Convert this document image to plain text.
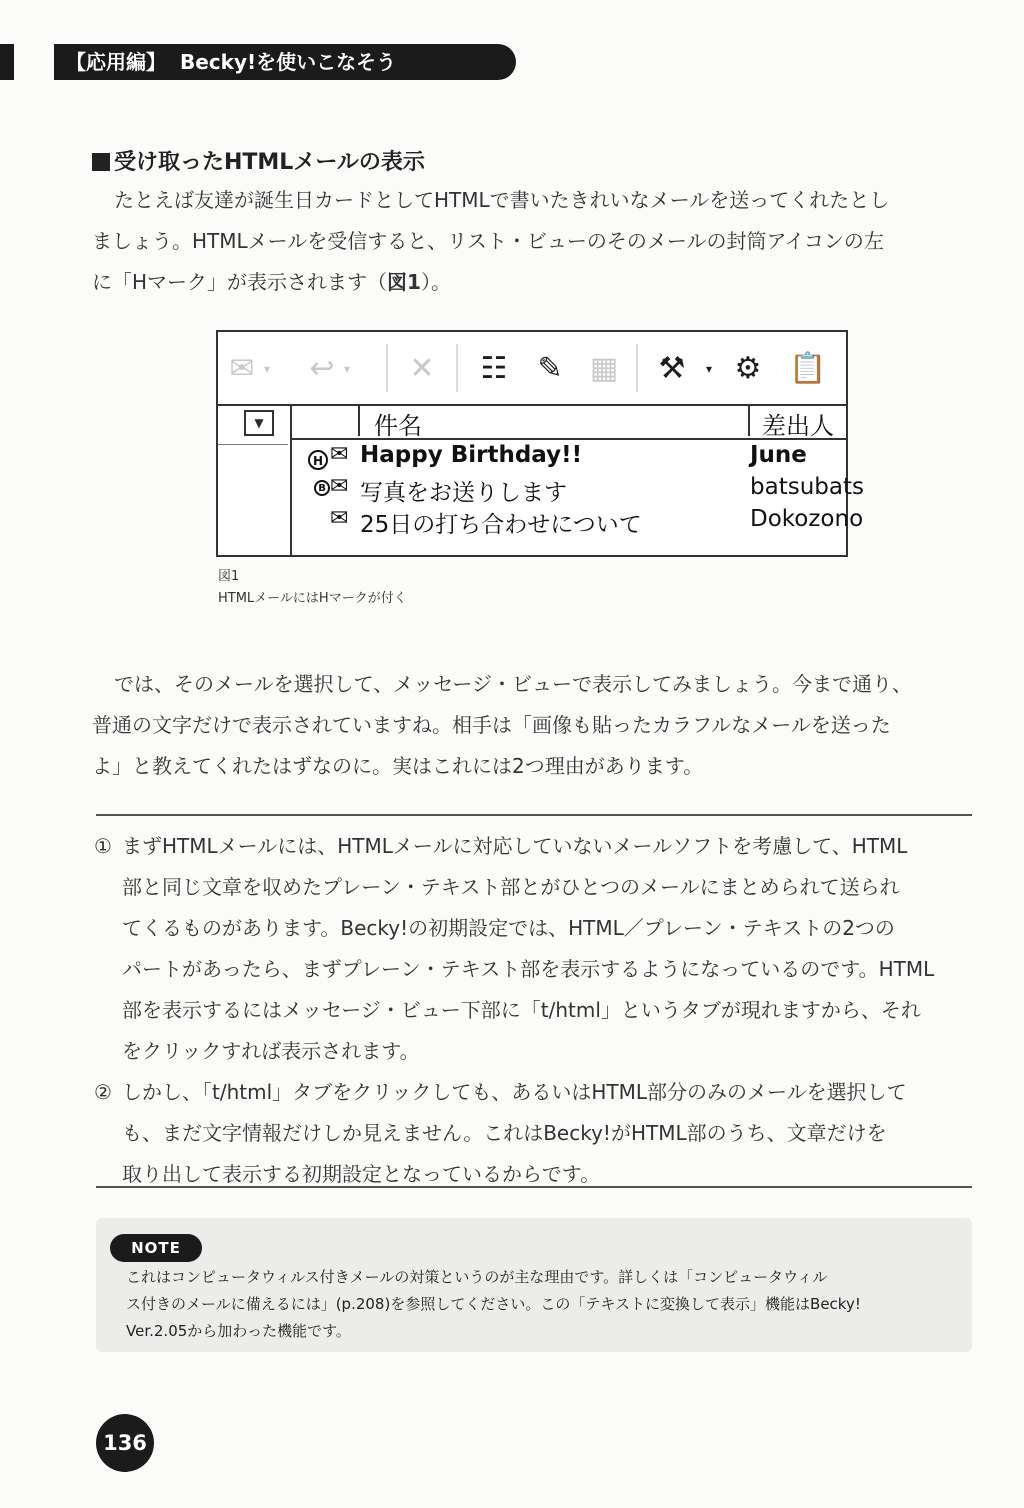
【応用編】 Becky!を使いこなそう
受け取ったHTMLメールの表示

たとえば友達が誕生日カードとしてHTMLで書いたきれいなメールを送ってくれたとし

ましょう。HTMLメールを受信すると、リスト・ビューのそのメールの封筒アイコンの左

に「Hマーク」が表示されます（図1）。

✉ ▾ ↩ ▾	✕	☷ ✎ ▦ ⚒	▾ ⚙ 📋
▼	件名	差出人
H ✉ Happy Birthday!!	June
B ✉ 写真をお送りします	batsubats
✉ 25日の打ち合わせについて	Dokozono
図1
HTMLメールにはHマークが付く

では、そのメールを選択して、メッセージ・ビューで表示してみましょう。今まで通り、

普通の文字だけで表示されていますね。相手は「画像も貼ったカラフルなメールを送った

よ」と教えてくれたはずなのに。実はこれには2つ理由があります。

① まずHTMLメールには、HTMLメールに対応していないメールソフトを考慮して、HTML

部と同じ文章を収めたプレーン・テキスト部とがひとつのメールにまとめられて送られ

てくるものがあります。Becky!の初期設定では、HTML／プレーン・テキストの2つの

パートがあったら、まずプレーン・テキスト部を表示するようになっているのです。HTML

部を表示するにはメッセージ・ビュー下部に「t/html」というタブが現れますから、それ

をクリックすれば表示されます。

② しかし、「t/html」タブをクリックしても、あるいはHTML部分のみのメールを選択して

も、まだ文字情報だけしか見えません。これはBecky!がHTML部のうち、文章だけを

取り出して表示する初期設定となっているからです。

NOTE

これはコンピュータウィルス付きメールの対策というのが主な理由です。詳しくは「コンピュータウィル

ス付きのメールに備えるには」(p.208)を参照してください。この「テキストに変換して表示」機能はBecky!

Ver.2.05から加わった機能です。

136
